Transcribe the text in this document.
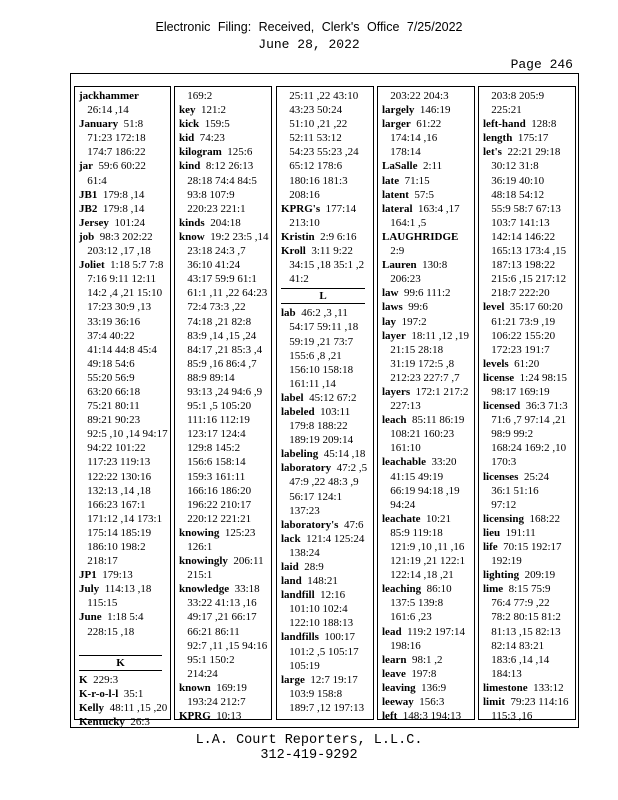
Electronic Filing: Received, Clerk's Office 7/25/2022
June 28, 2022
Page 246
jackhammer
26:14 ,14
January  51:8
71:23 172:18
174:7 186:22
jar  59:6 60:22
61:4
JB1  179:8 ,14
JB2  179:8 ,14
Jersey  101:24
job  98:3 202:22
203:12 ,17 ,18
Joliet  1:18 5:7 7:8
7:16 9:11 12:11
14:2 ,4 ,21 15:10
17:23 30:9 ,13
33:19 36:16
37:4 40:22
41:14 44:8 45:4
49:18 54:6
55:20 56:9
63:20 66:18
75:21 80:11
89:21 90:23
92:5 ,10 ,14 94:17
94:22 101:22
117:23 119:13
122:22 130:16
132:13 ,14 ,18
166:23 167:1
171:12 ,14 173:1
175:14 185:19
186:10 198:2
218:17
JP1  179:13
July  114:13 ,18
115:15
June  1:18 5:4
228:15 ,18

K
K  229:3
K-r-o-l-l  35:1
Kelly  48:11 ,15 ,20
Kentucky  26:3
169:2
key  121:2
kick  159:5
kid  74:23
kilogram  125:6
kind  8:12 26:13
28:18 74:4 84:5
93:8 107:9
220:23 221:1
kinds  204:18
know  19:2 23:5 ,14
23:18 24:3 ,7
36:10 41:24
43:17 59:9 61:1
61:1 ,11 ,22 64:23
72:4 73:3 ,22
74:18 ,21 82:8
83:9 ,14 ,15 ,24
84:17 ,21 85:3 ,4
85:9 ,16 86:4 ,7
88:9 89:14
93:13 ,24 94:6 ,9
95:1 ,5 105:20
111:16 112:19
123:17 124:4
129:8 145:2
156:6 158:14
159:3 161:11
166:16 186:20
196:22 210:17
220:12 221:21
knowing  125:23
126:1
knowingly  206:11
215:1
knowledge  33:18
33:22 41:13 ,16
49:17 ,21 66:17
66:21 86:11
92:7 ,11 ,15 94:16
95:1 150:2
214:24
known  169:19
193:24 212:7
KPRG  10:13
25:11 ,22 43:10
43:23 50:24
51:10 ,21 ,22
52:11 53:12
54:23 55:23 ,24
65:12 178:6
180:16 181:3
208:16
KPRG's  177:14
213:10
Kristin  2:9 6:16
Kroll  3:11 9:22
34:15 ,18 35:1 ,2
41:2
L
lab  46:2 ,3 ,11
54:17 59:11 ,18
59:19 ,21 73:7
155:6 ,8 ,21
156:10 158:18
161:11 ,14
label  45:12 67:2
labeled  103:11
179:8 188:22
189:19 209:14
labeling  45:14 ,18
laboratory  47:2 ,5
47:9 ,22 48:3 ,9
56:17 124:1
137:23
laboratory's  47:6
lack  121:4 125:24
138:24
laid  28:9
land  148:21
landfill  12:16
101:10 102:4
122:10 188:13
landfills  100:17
101:2 ,5 105:17
105:19
large  12:7 19:17
103:9 158:8
189:7 ,12 197:13
203:22 204:3
largely  146:19
larger  61:22
174:14 ,16
178:14
LaSalle  2:11
late  71:15
latent  57:5
lateral  163:4 ,17
164:1 ,5
LAUGHRIDGE
2:9
Lauren  130:8
206:23
law  99:6 111:2
laws  99:6
lay  197:2
layer  18:11 ,12 ,19
21:15 28:18
31:19 172:5 ,8
212:23 227:7 ,7
layers  172:1 217:2
227:13
leach  85:11 86:19
108:21 160:23
161:10
leachable  33:20
41:15 49:19
66:19 94:18 ,19
94:24
leachate  10:21
85:9 119:18
121:9 ,10 ,11 ,16
121:19 ,21 122:1
122:14 ,18 ,21
leaching  86:10
137:5 139:8
161:6 ,23
lead  119:2 197:14
198:16
learn  98:1 ,2
leave  197:8
leaving  136:9
leeway  156:3
left  148:3 194:13
203:8 205:9
225:21
left-hand  128:8
length  175:17
let's  22:21 29:18
30:12 31:8
36:19 40:10
48:18 54:12
55:9 58:7 67:13
103:7 141:13
142:14 146:22
165:13 173:4 ,15
187:13 198:22
215:6 ,15 217:12
218:7 222:20
level  35:17 60:20
61:21 73:9 ,19
106:22 155:20
172:23 191:7
levels  61:20
license  1:24 98:15
98:17 169:19
licensed  36:3 71:3
71:6 ,7 97:14 ,21
98:9 99:2
168:24 169:2 ,10
170:3
licenses  25:24
36:1 51:16
97:12
licensing  168:22
lieu  191:11
life  70:15 192:17
192:19
lighting  209:19
lime  8:15 75:9
76:4 77:9 ,22
78:2 80:15 81:2
81:13 ,15 82:13
82:14 83:21
183:6 ,14 ,14
184:13
limestone  133:12
limit  79:23 114:16
115:3 ,16
L.A. Court Reporters, L.L.C.
312-419-9292
